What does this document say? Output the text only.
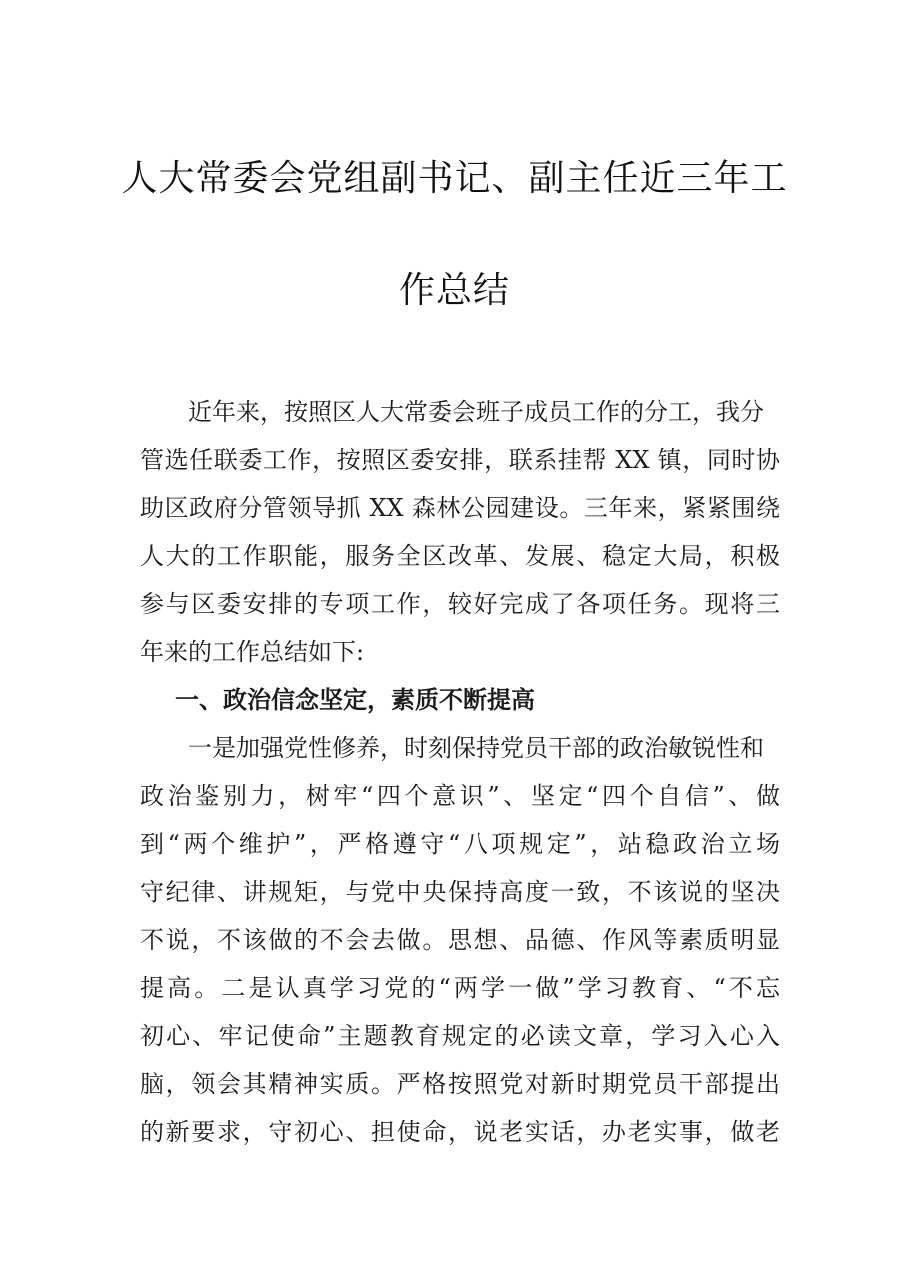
人大常委会党组副书记、副主任近三年工
作总结
　　近年来，按照区人大常委会班子成员工作的分工，我分
管选任联委工作，按照区委安排，联系挂帮 XX 镇，同时协
助区政府分管领导抓 XX 森林公园建设。三年来，紧紧围绕
人大的工作职能，服务全区改革、发展、稳定大局，积极
参与区委安排的专项工作，较好完成了各项任务。现将三
年来的工作总结如下:
一、政治信念坚定，素质不断提高
　　一是加强党性修养，时刻保持党员干部的政治敏锐性和
政治鉴别力，树牢“四个意识”、坚定“四个自信”、做
到“两个维护”，严格遵守“八项规定”，站稳政治立场
守纪律、讲规矩，与党中央保持高度一致，不该说的坚决
不说，不该做的不会去做。思想、品德、作风等素质明显
提高。二是认真学习党的“两学一做”学习教育、“不忘
初心、牢记使命”主题教育规定的必读文章，学习入心入
脑，领会其精神实质。严格按照党对新时期党员干部提出
的新要求，守初心、担使命，说老实话，办老实事，做老
